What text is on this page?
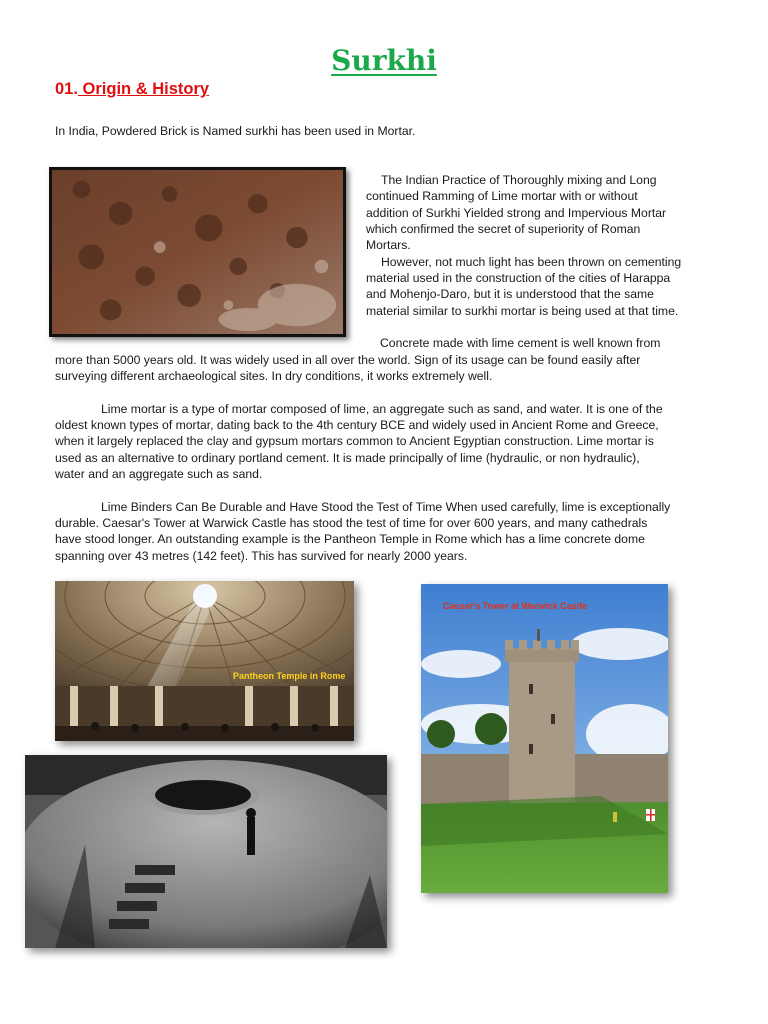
Surkhi
01. Origin & History

In India, Powdered Brick is Named surkhi has been used in Mortar.

The Indian Practice of Thoroughly mixing and Long

continued Ramming of Lime mortar with or without

addition of Surkhi Yielded strong and Impervious Mortar

which confirmed the secret of superiority of Roman

Mortars.

However, not much light has been thrown on cementing

material used in the construction of the cities of Harappa

and Mohenjo-Daro, but it is understood that the same

material similar to surkhi mortar is being used at that time.

Concrete made with lime cement is well known from

more than 5000 years old. It was widely used in all over the world. Sign of its usage can be found easily after

surveying different archaeological sites. In dry conditions, it works extremely well.

Lime mortar is a type of mortar composed of lime, an aggregate such as sand, and water. It is one of the

oldest known types of mortar, dating back to the 4th century BCE and widely used in Ancient Rome and Greece,

when it largely replaced the clay and gypsum mortars common to Ancient Egyptian construction. Lime mortar is

used as an alternative to ordinary portland cement. It is made principally of lime (hydraulic, or non hydraulic),

water and an aggregate such as sand.

Lime Binders Can Be Durable and Have Stood the Test of Time When used carefully, lime is exceptionally

durable. Caesar's Tower at Warwick Castle has stood the test of time for over 600 years, and many cathedrals

have stood longer. An outstanding example is the Pantheon Temple in Rome which has a lime concrete dome

spanning over 43 metres (142 feet). This has survived for nearly 2000 years.

Pantheon Temple in Rome
Caesar's Tower at Warwick Castle
